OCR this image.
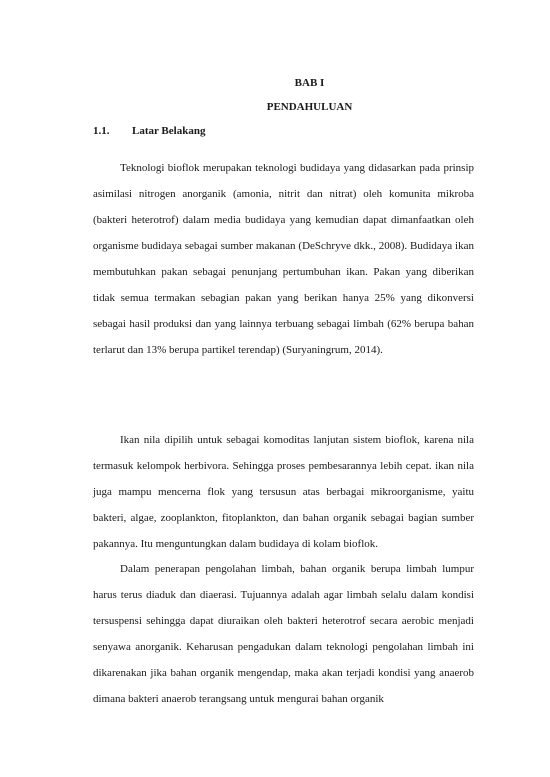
BAB I
PENDAHULUAN
1.1. Latar Belakang

Teknologi bioflok merupakan teknologi budidaya yang didasarkan pada prinsip asimilasi nitrogen anorganik (amonia, nitrit dan nitrat) oleh komunita mikroba (bakteri heterotrof) dalam media budidaya yang kemudian dapat dimanfaatkan oleh organisme budidaya sebagai sumber makanan (DeSchryve dkk., 2008). Budidaya ikan membutuhkan pakan sebagai penunjang pertumbuhan ikan. Pakan yang diberikan tidak semua termakan sebagian pakan yang berikan hanya 25% yang dikonversi sebagai hasil produksi dan yang lainnya terbuang sebagai limbah (62% berupa bahan terlarut dan 13% berupa partikel terendap) (Suryaningrum, 2014).

Ikan nila dipilih untuk sebagai komoditas lanjutan sistem bioflok, karena nila termasuk kelompok herbivora. Sehingga proses pembesarannya lebih cepat. ikan nila juga mampu mencerna flok yang tersusun atas berbagai mikroorganisme, yaitu bakteri, algae, zooplankton, fitoplankton, dan bahan organik sebagai bagian sumber pakannya. Itu menguntungkan dalam budidaya di kolam bioflok.

Dalam penerapan pengolahan limbah, bahan organik berupa limbah lumpur harus terus diaduk dan diaerasi. Tujuannya adalah agar limbah selalu dalam kondisi tersuspensi sehingga dapat diuraikan oleh bakteri heterotrof secara aerobic menjadi senyawa anorganik. Keharusan pengadukan dalam teknologi pengolahan limbah ini dikarenakan jika bahan organik mengendap, maka akan terjadi kondisi yang anaerob dimana bakteri anaerob terangsang untuk mengurai bahan organik
